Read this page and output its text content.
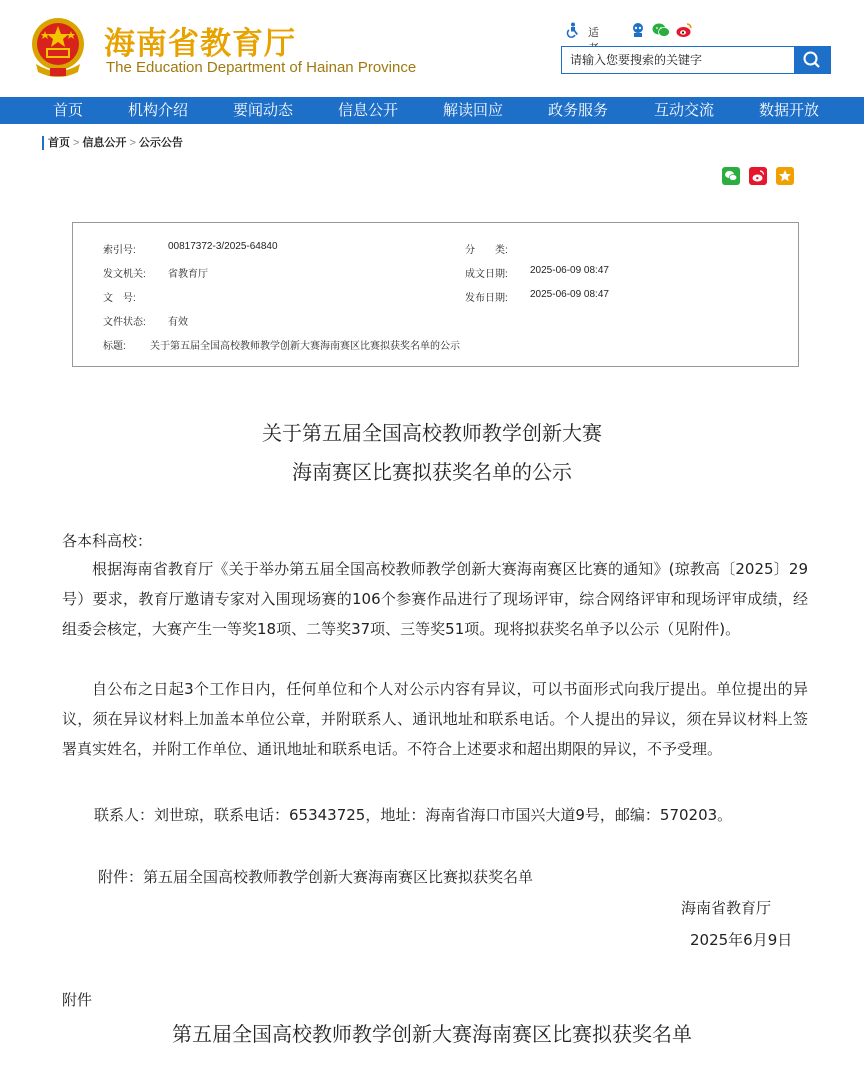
海南省教育厅
The Education Department of Hainan Province
适
请输入您要搜索的关键字
首页	机构介绍	要闻动态	信息公开	解读回应	政务服务	互动交流	数据开放
首页 > 信息公开 > 公示公告
索引号:	00817372-3/2025-64840	分　　类:
发文机关: 省教育厅	成文日期: 2025-06-09 08:47
文　号:	发布日期: 2025-06-09 08:47
文件状态: 有效
标题: 关于第五届全国高校教师教学创新大赛海南赛区比赛拟获奖名单的公示
关于第五届全国高校教师教学创新大赛
海南赛区比赛拟获奖名单的公示
各本科高校：

根据海南省教育厅《关于举办第五届全国高校教师教学创新大赛海南赛区比赛的通知》(琼教高〔2025〕29号）要求，教育厅邀请专家对入围现场赛的106个参赛作品进行了现场评审，综合网络评审和现场评审成绩，经组委会核定，大赛产生一等奖18项、二等奖37项、三等奖51项。现将拟获奖名单予以公示（见附件)。

自公布之日起3个工作日内，任何单位和个人对公示内容有异议，可以书面形式向我厅提出。单位提出的异议，须在异议材料上加盖本单位公章，并附联系人、通讯地址和联系电话。个人提出的异议，须在异议材料上签署真实姓名，并附工作单位、通讯地址和联系电话。不符合上述要求和超出期限的异议，不予受理。

联系人：刘世琼，联系电话：65343725，地址：海南省海口市国兴大道9号，邮编：570203。
附件：第五届全国高校教师教学创新大赛海南赛区比赛拟获奖名单
海南省教育厅
2025年6月9日
附件
第五届全国高校教师教学创新大赛海南赛区比赛拟获奖名单
